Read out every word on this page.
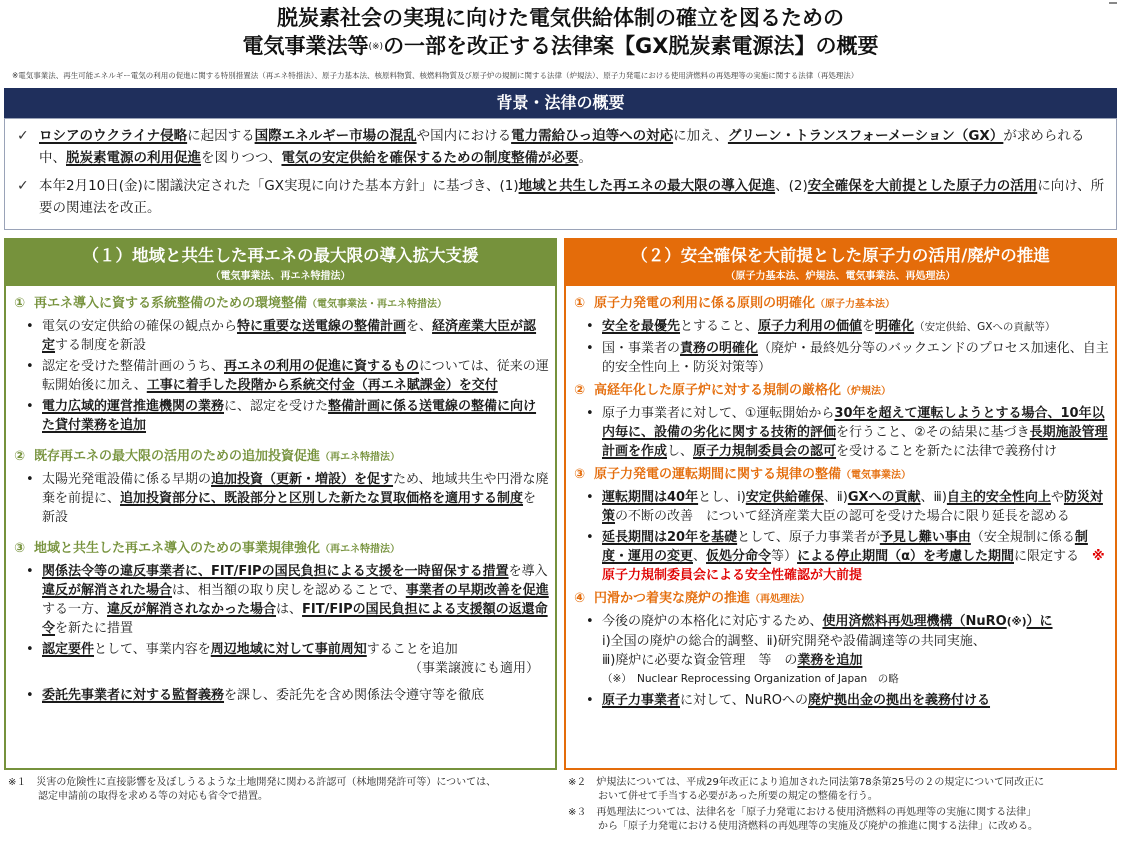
脱炭素社会の実現に向けた電気供給体制の確立を図るための
電気事業法等(※)の一部を改正する法律案【GX脱炭素電源法】の概要
※電気事業法、再生可能エネルギー電気の利用の促進に関する特別措置法（再エネ特措法）、原子力基本法、核原料物質、核燃料物質及び原子炉の規制に関する法律（炉規法）、原子力発電における使用済燃料の再処理等の実施に関する法律（再処理法）
背景・法律の概要
✓ ロシアのウクライナ侵略に起因する国際エネルギー市場の混乱や国内における電力需給ひっ迫等への対応に加え、グリーン・トランスフォーメーション（GX）が求められる中、脱炭素電源の利用促進を図りつつ、電気の安定供給を確保するための制度整備が必要。
✓ 本年2月10日(金)に閣議決定された「GX実現に向けた基本方針」に基づき、(1)地域と共生した再エネの最大限の導入促進、(2)安全確保を大前提とした原子力の活用に向け、所要の関連法を改正。
（１）地域と共生した再エネの最大限の導入拡大支援
（電気事業法、再エネ特措法）
① 再エネ導入に資する系統整備のための環境整備（電気事業法・再エネ特措法）
• 電気の安定供給の確保の観点から特に重要な送電線の整備計画を、経済産業大臣が認定する制度を新設
• 認定を受けた整備計画のうち、再エネの利用の促進に資するものについては、従来の運転開始後に加え、工事に着手した段階から系統交付金（再エネ賦課金）を交付
• 電力広域的運営推進機関の業務に、認定を受けた整備計画に係る送電線の整備に向けた貸付業務を追加
② 既存再エネの最大限の活用のための追加投資促進（再エネ特措法）
• 太陽光発電設備に係る早期の追加投資（更新・増設）を促すため、地域共生や円滑な廃棄を前提に、追加投資部分に、既設部分と区別した新たな買取価格を適用する制度を新設
③ 地域と共生した再エネ導入のための事業規律強化（再エネ特措法）
• 関係法令等の違反事業者に、FIT/FIPの国民負担による支援を一時留保する措置を導入
違反が解消された場合は、相当額の取り戻しを認めることで、事業者の早期改善を促進する一方、違反が解消されなかった場合は、FIT/FIPの国民負担による支援額の返還命令を新たに措置
• 認定要件として、事業内容を周辺地域に対して事前周知することを追加
（事業譲渡にも適用）
• 委託先事業者に対する監督義務を課し、委託先を含め関係法令遵守等を徹底
（２）安全確保を大前提とした原子力の活用/廃炉の推進
（原子力基本法、炉規法、電気事業法、再処理法）
① 原子力発電の利用に係る原則の明確化（原子力基本法）
• 安全を最優先とすること、原子力利用の価値を明確化（安定供給、GXへの貢献等）
• 国・事業者の責務の明確化（廃炉・最終処分等のバックエンドのプロセス加速化、自主的安全性向上・防災対策等）
② 高経年化した原子炉に対する規制の厳格化（炉規法）
• 原子力事業者に対して、①運転開始から30年を超えて運転しようとする場合、10年以内毎に、設備の劣化に関する技術的評価を行うこと、②その結果に基づき長期施設管理計画を作成し、原子力規制委員会の認可を受けることを新たに法律で義務付け
③ 原子力発電の運転期間に関する規律の整備（電気事業法）
• 運転期間は40年とし、ⅰ)安定供給確保、ⅱ)GXへの貢献、ⅲ)自主的安全性向上や防災対策の不断の改善　について経済産業大臣の認可を受けた場合に限り延長を認める
• 延長期間は20年を基礎として、原子力事業者が予見し難い事由（安全規制に係る制度・運用の変更、仮処分命令等）による停止期間（α）を考慮した期間に限定する　 ※原子力規制委員会による安全性確認が大前提
④ 円滑かつ着実な廃炉の推進（再処理法）
• 今後の廃炉の本格化に対応するため、使用済燃料再処理機構（NuRO(※)）に
ⅰ)全国の廃炉の総合的調整、ⅱ)研究開発や設備調達等の共同実施、
ⅲ)廃炉に必要な資金管理　等　の業務を追加
（※）　Nuclear Reprocessing Organization of Japan　の略
• 原子力事業者に対して、NuROへの廃炉拠出金の拠出を義務付ける
※１　災害の危険性に直接影響を及ぼしうるような土地開発に関わる許認可（林地開発許可等）については、
　　　認定申請前の取得を求める等の対応も省令で措置。
※２　炉規法については、平成29年改正により追加された同法第78条第25号の２の規定について同改正に
　　　おいて併せて手当する必要があった所要の規定の整備を行う。
※３　再処理法については、法律名を「原子力発電における使用済燃料の再処理等の実施に関する法律」
　　　から「原子力発電における使用済燃料の再処理等の実施及び廃炉の推進に関する法律」に改める。
